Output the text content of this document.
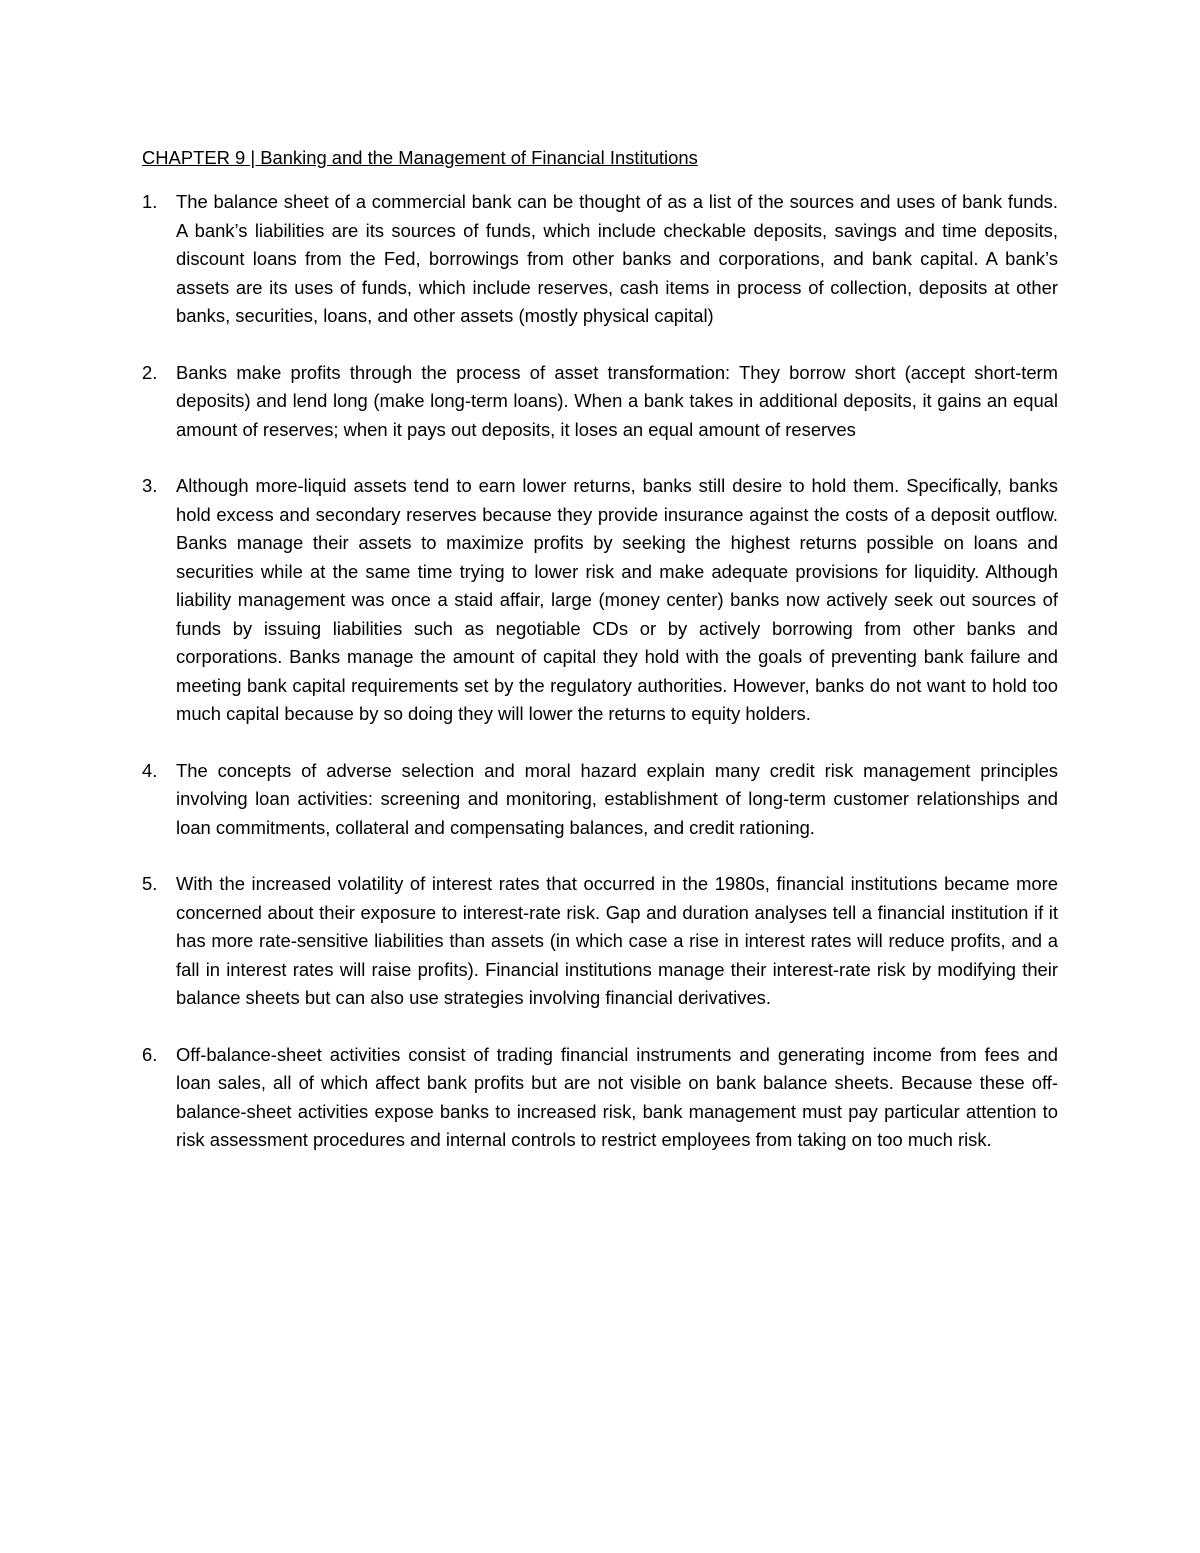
CHAPTER 9 | Banking and the Management of Financial Institutions
1. The balance sheet of a commercial bank can be thought of as a list of the sources and uses of bank funds. A bank’s liabilities are its sources of funds, which include checkable deposits, savings and time deposits, discount loans from the Fed, borrowings from other banks and corporations, and bank capital. A bank’s assets are its uses of funds, which include reserves, cash items in process of collection, deposits at other banks, securities, loans, and other assets (mostly physical capital)
2. Banks make profits through the process of asset transformation: They borrow short (accept short-term deposits) and lend long (make long-term loans). When a bank takes in additional deposits, it gains an equal amount of reserves; when it pays out deposits, it loses an equal amount of reserves
3. Although more-liquid assets tend to earn lower returns, banks still desire to hold them. Specifically, banks hold excess and secondary reserves because they provide insurance against the costs of a deposit outflow. Banks manage their assets to maximize profits by seeking the highest returns possible on loans and securities while at the same time trying to lower risk and make adequate provisions for liquidity. Although liability management was once a staid affair, large (money center) banks now actively seek out sources of funds by issuing liabilities such as negotiable CDs or by actively borrowing from other banks and corporations. Banks manage the amount of capital they hold with the goals of preventing bank failure and meeting bank capital requirements set by the regulatory authorities. However, banks do not want to hold too much capital because by so doing they will lower the returns to equity holders.
4. The concepts of adverse selection and moral hazard explain many credit risk management principles involving loan activities: screening and monitoring, establishment of long-term customer relationships and loan commitments, collateral and compensating balances, and credit rationing.
5. With the increased volatility of interest rates that occurred in the 1980s, financial institutions became more concerned about their exposure to interest-rate risk. Gap and duration analyses tell a financial institution if it has more rate-sensitive liabilities than assets (in which case a rise in interest rates will reduce profits, and a fall in interest rates will raise profits). Financial institutions manage their interest-rate risk by modifying their balance sheets but can also use strategies involving financial derivatives.
6. Off-balance-sheet activities consist of trading financial instruments and generating income from fees and loan sales, all of which affect bank profits but are not visible on bank balance sheets. Because these off-balance-sheet activities expose banks to increased risk, bank management must pay particular attention to risk assessment procedures and internal controls to restrict employees from taking on too much risk.
